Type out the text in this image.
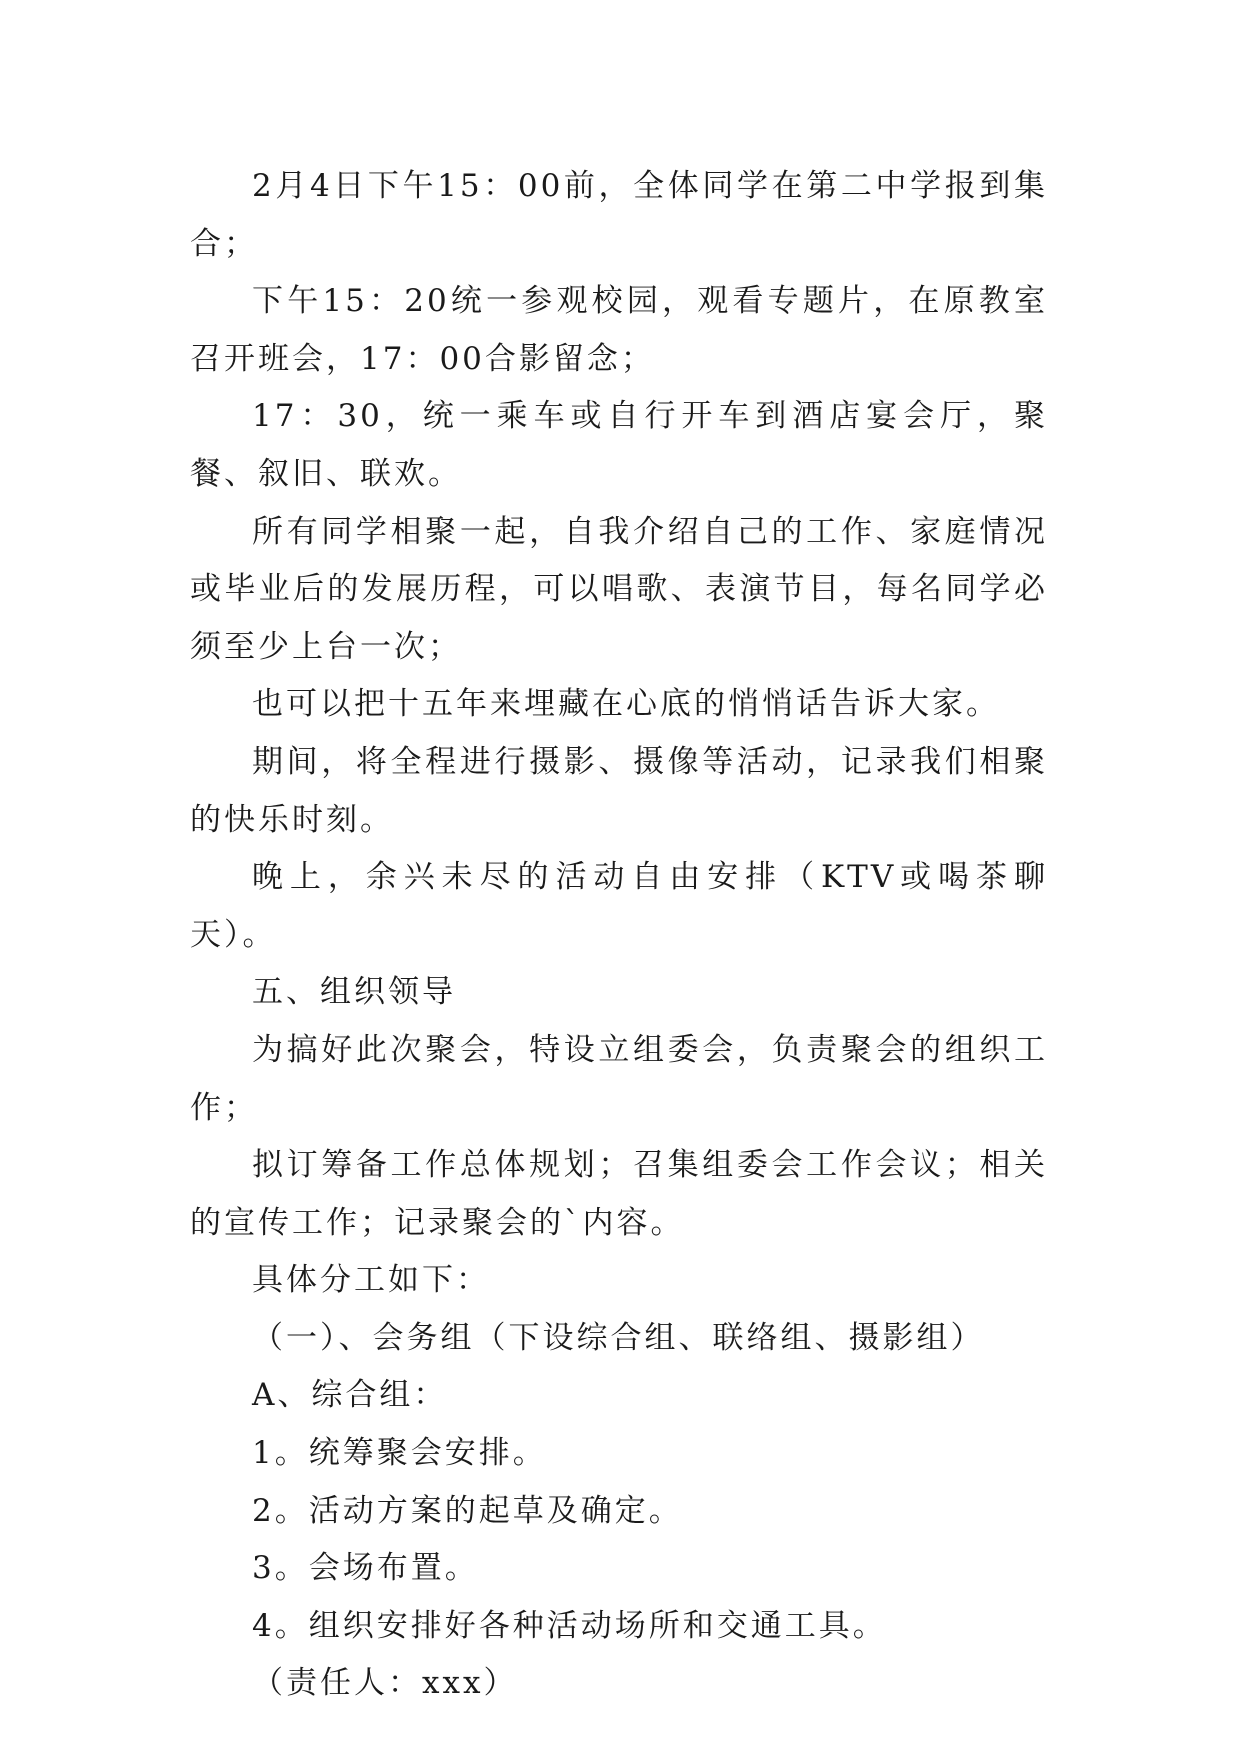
2月4日下午15：00前，全体同学在第二中学报到集合；

下午15：20统一参观校园，观看专题片，在原教室召开班会，17：00合影留念；

17：30，统一乘车或自行开车到酒店宴会厅，聚餐、叙旧、联欢。

所有同学相聚一起，自我介绍自己的工作、家庭情况或毕业后的发展历程，可以唱歌、表演节目，每名同学必须至少上台一次；

也可以把十五年来埋藏在心底的悄悄话告诉大家。

期间，将全程进行摄影、摄像等活动，记录我们相聚的快乐时刻。

晚上，余兴未尽的活动自由安排（KTV或喝茶聊天）。

五、组织领导

为搞好此次聚会，特设立组委会，负责聚会的组织工作；

拟订筹备工作总体规划；召集组委会工作会议；相关的宣传工作；记录聚会的`内容。

具体分工如下：

（一）、会务组（下设综合组、联络组、摄影组）

A、综合组：

1。统筹聚会安排。

2。活动方案的起草及确定。

3。会场布置。

4。组织安排好各种活动场所和交通工具。

（责任人：xxx）
